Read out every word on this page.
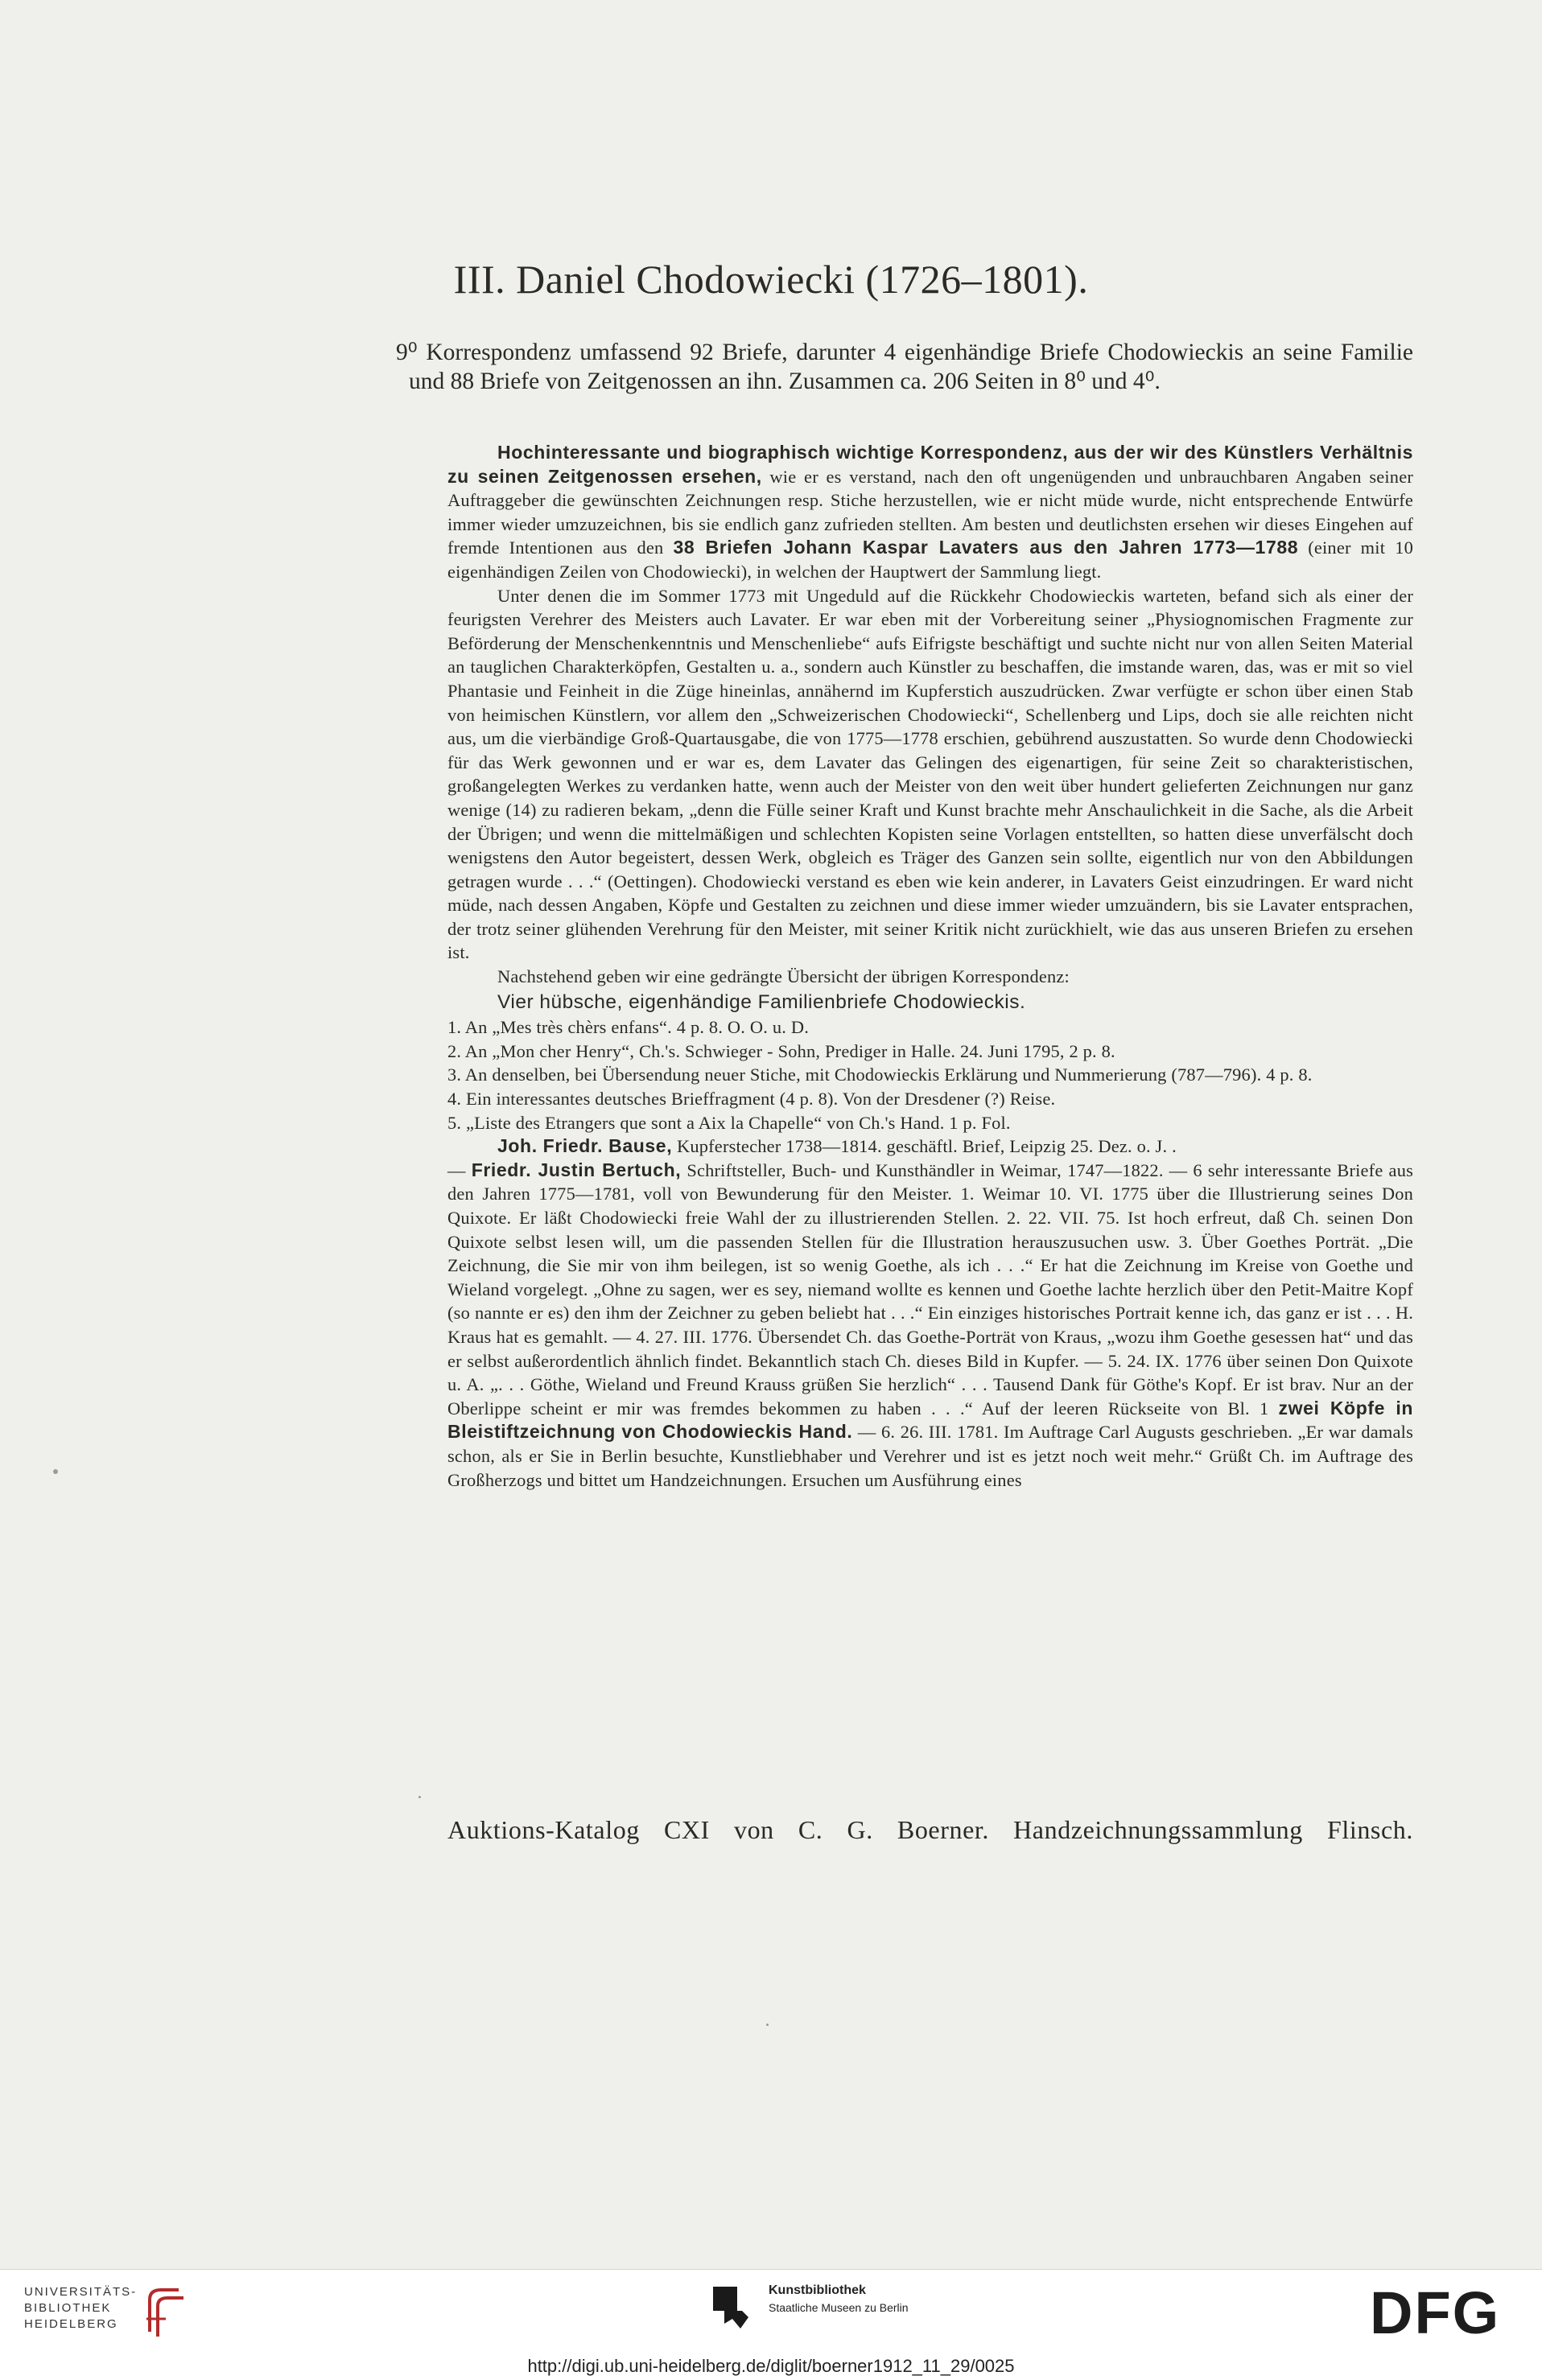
III. Daniel Chodowiecki (1726–1801).
9⁰ Korrespondenz umfassend 92 Briefe, darunter 4 eigenhändige Briefe Chodowieckis an seine Familie und 88 Briefe von Zeitgenossen an ihn. Zusammen ca. 206 Seiten in 8⁰ und 4⁰.

Hochinteressante und biographisch wichtige Korrespondenz, aus der wir des Künstlers Verhältnis zu seinen Zeitgenossen ersehen, wie er es verstand, nach den oft ungenügenden und unbrauchbaren Angaben seiner Auftraggeber die gewünschten Zeichnungen resp. Stiche herzustellen, wie er nicht müde wurde, nicht entsprechende Entwürfe immer wieder umzuzeichnen, bis sie endlich ganz zufrieden stellten. Am besten und deutlichsten ersehen wir dieses Eingehen auf fremde Intentionen aus den 38 Briefen Johann Kaspar Lavaters aus den Jahren 1773—1788 (einer mit 10 eigenhändigen Zeilen von Chodowiecki), in welchen der Hauptwert der Sammlung liegt.

Unter denen die im Sommer 1773 mit Ungeduld auf die Rückkehr Chodowieckis warteten, befand sich als einer der feurigsten Verehrer des Meisters auch Lavater. Er war eben mit der Vorbereitung seiner „Physiognomischen Fragmente zur Beförderung der Menschenkenntnis und Menschenliebe“ aufs Eifrigste beschäftigt und suchte nicht nur von allen Seiten Material an tauglichen Charakterköpfen, Gestalten u. a., sondern auch Künstler zu beschaffen, die imstande waren, das, was er mit so viel Phantasie und Feinheit in die Züge hineinlas, annähernd im Kupferstich auszudrücken. Zwar verfügte er schon über einen Stab von heimischen Künstlern, vor allem den „Schweizerischen Chodowiecki“, Schellenberg und Lips, doch sie alle reichten nicht aus, um die vierbändige Groß-Quartausgabe, die von 1775—1778 erschien, gebührend auszustatten. So wurde denn Chodowiecki für das Werk gewonnen und er war es, dem Lavater das Gelingen des eigenartigen, für seine Zeit so charakteristischen, großangelegten Werkes zu verdanken hatte, wenn auch der Meister von den weit über hundert gelieferten Zeichnungen nur ganz wenige (14) zu radieren bekam, „denn die Fülle seiner Kraft und Kunst brachte mehr Anschaulichkeit in die Sache, als die Arbeit der Übrigen; und wenn die mittelmäßigen und schlechten Kopisten seine Vorlagen entstellten, so hatten diese unverfälscht doch wenigstens den Autor begeistert, dessen Werk, obgleich es Träger des Ganzen sein sollte, eigentlich nur von den Abbildungen getragen wurde . . .“ (Oettingen). Chodowiecki verstand es eben wie kein anderer, in Lavaters Geist einzudringen. Er ward nicht müde, nach dessen Angaben, Köpfe und Gestalten zu zeichnen und diese immer wieder umzuändern, bis sie Lavater entsprachen, der trotz seiner glühenden Verehrung für den Meister, mit seiner Kritik nicht zurückhielt, wie das aus unseren Briefen zu ersehen ist.

Nachstehend geben wir eine gedrängte Übersicht der übrigen Korrespondenz:

Vier hübsche, eigenhändige Familienbriefe Chodowieckis.

1. An „Mes très chèrs enfans“. 4 p. 8. O. O. u. D.

2. An „Mon cher Henry“, Ch.'s. Schwieger - Sohn, Prediger in Halle. 24. Juni 1795, 2 p. 8.

3. An denselben, bei Übersendung neuer Stiche, mit Chodowieckis Erklärung und Nummerierung (787—796). 4 p. 8.

4. Ein interessantes deutsches Brieffragment (4 p. 8). Von der Dresdener (?) Reise.

5. „Liste des Etrangers que sont a Aix la Chapelle“ von Ch.'s Hand. 1 p. Fol.

Joh. Friedr. Bause, Kupferstecher 1738—1814. geschäftl. Brief, Leipzig 25. Dez. o. J. .

— Friedr. Justin Bertuch, Schriftsteller, Buch- und Kunsthändler in Weimar, 1747—1822. — 6 sehr interessante Briefe aus den Jahren 1775—1781, voll von Bewunderung für den Meister. 1. Weimar 10. VI. 1775 über die Illustrierung seines Don Quixote. Er läßt Chodowiecki freie Wahl der zu illustrierenden Stellen. 2. 22. VII. 75. Ist hoch erfreut, daß Ch. seinen Don Quixote selbst lesen will, um die passenden Stellen für die Illustration herauszusuchen usw. 3. Über Goethes Porträt. „Die Zeichnung, die Sie mir von ihm beilegen, ist so wenig Goethe, als ich . . .“ Er hat die Zeichnung im Kreise von Goethe und Wieland vorgelegt. „Ohne zu sagen, wer es sey, niemand wollte es kennen und Goethe lachte herzlich über den Petit-Maitre Kopf (so nannte er es) den ihm der Zeichner zu geben beliebt hat . . .“ Ein einziges historisches Portrait kenne ich, das ganz er ist . . . H. Kraus hat es gemahlt. — 4. 27. III. 1776. Übersendet Ch. das Goethe-Porträt von Kraus, „wozu ihm Goethe gesessen hat“ und das er selbst außerordentlich ähnlich findet. Bekanntlich stach Ch. dieses Bild in Kupfer. — 5. 24. IX. 1776 über seinen Don Quixote u. A. „. . . Göthe, Wieland und Freund Krauss grüßen Sie herzlich“ . . . Tausend Dank für Göthe's Kopf. Er ist brav. Nur an der Oberlippe scheint er mir was fremdes bekommen zu haben . . .“ Auf der leeren Rückseite von Bl. 1 zwei Köpfe in Bleistiftzeichnung von Chodowieckis Hand. — 6. 26. III. 1781. Im Auftrage Carl Augusts geschrieben. „Er war damals schon, als er Sie in Berlin besuchte, Kunstliebhaber und Verehrer und ist es jetzt noch weit mehr.“ Grüßt Ch. im Auftrage des Großherzogs und bittet um Handzeichnungen. Ersuchen um Ausführung eines

Auktions-Katalog CXI von C. G. Boerner. Handzeichnungssammlung Flinsch.
UNIVERSITÄTS-
BIBLIOTHEK
HEIDELBERG
Kunstbibliothek
Staatliche Museen zu Berlin	DFG
http://digi.ub.uni-heidelberg.de/diglit/boerner1912_11_29/0025
